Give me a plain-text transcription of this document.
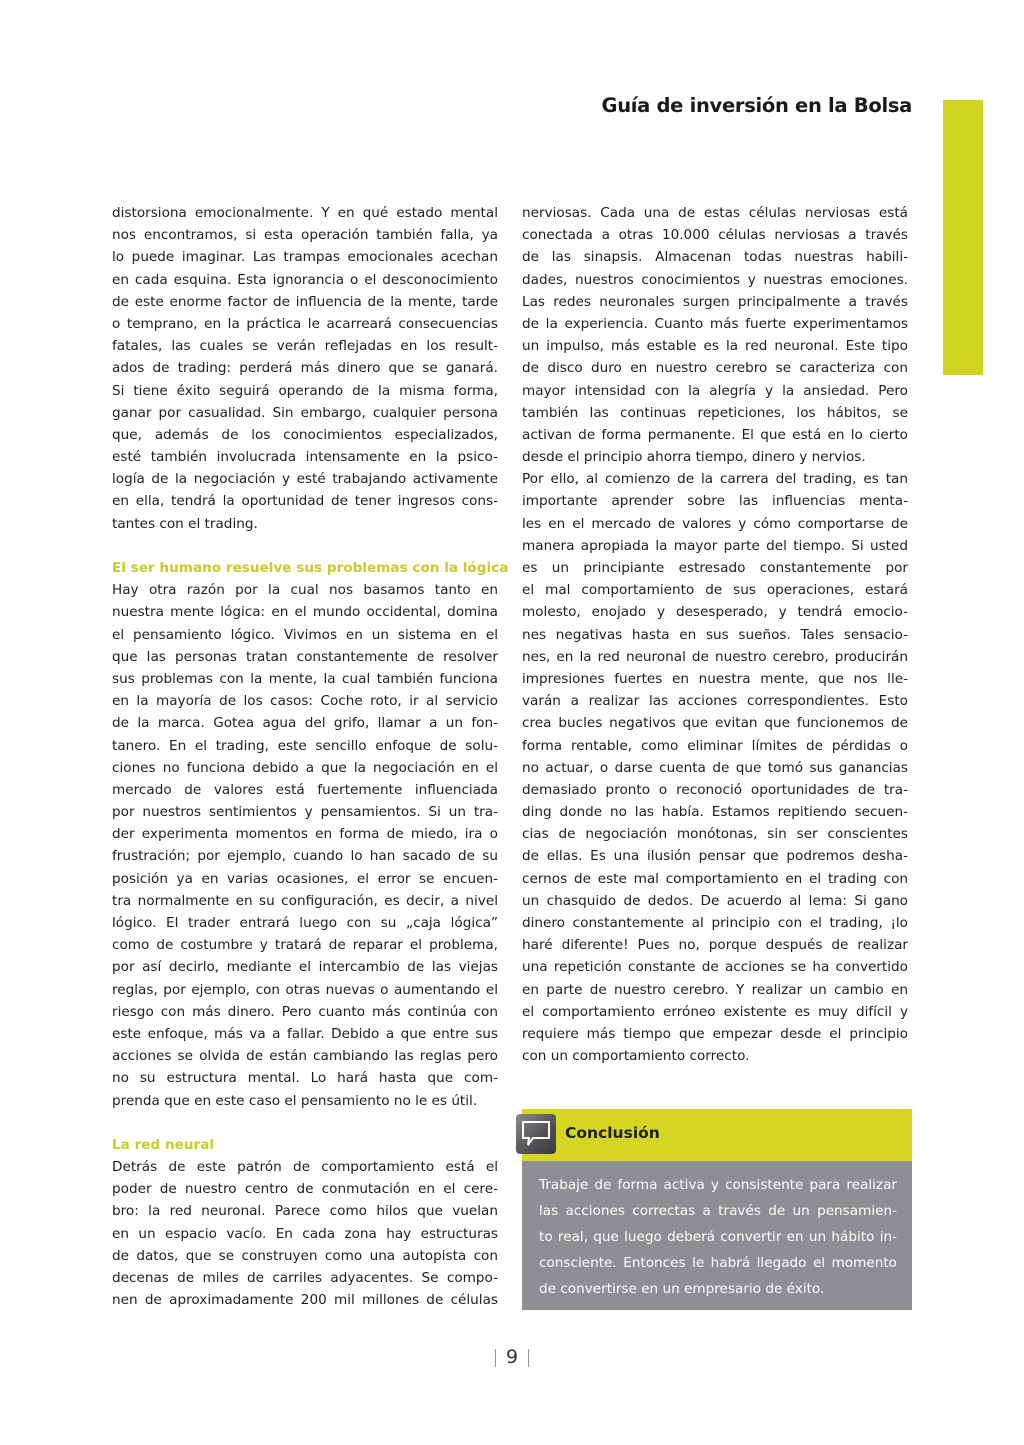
Guía de inversión en la Bolsa
distorsiona emocionalmente. Y en qué estado mental
nos encontramos, si esta operación también falla, ya
lo puede imaginar. Las trampas emocionales acechan
en cada esquina. Esta ignorancia o el desconocimiento
de este enorme factor de influencia de la mente, tarde
o temprano, en la práctica le acarreará consecuencias
fatales, las cuales se verán reflejadas en los result-
ados de trading: perderá más dinero que se ganará.
Si tiene éxito seguirá operando de la misma forma,
ganar por casualidad. Sin embargo, cualquier persona
que, además de los conocimientos especializados,
esté también involucrada intensamente en la psico-
logía de la negociación y esté trabajando activamente
en ella, tendrá la oportunidad de tener ingresos cons-
tantes con el trading.
El ser humano resuelve sus problemas con la lógica
Hay otra razón por la cual nos basamos tanto en
nuestra mente lógica: en el mundo occidental, domina
el pensamiento lógico. Vivimos en un sistema en el
que las personas tratan constantemente de resolver
sus problemas con la mente, la cual también funciona
en la mayoría de los casos: Coche roto, ir al servicio
de la marca. Gotea agua del grifo, llamar a un fon-
tanero. En el trading, este sencillo enfoque de solu-
ciones no funciona debido a que la negociación en el
mercado de valores está fuertemente influenciada
por nuestros sentimientos y pensamientos. Si un tra-
der experimenta momentos en forma de miedo, ira o
frustración; por ejemplo, cuando lo han sacado de su
posición ya en varias ocasiones, el error se encuen-
tra normalmente en su configuración, es decir, a nivel
lógico. El trader entrará luego con su „caja lógica”
como de costumbre y tratará de reparar el problema,
por así decirlo, mediante el intercambio de las viejas
reglas, por ejemplo, con otras nuevas o aumentando el
riesgo con más dinero. Pero cuanto más continúa con
este enfoque, más va a fallar. Debido a que entre sus
acciones se olvida de están cambiando las reglas pero
no su estructura mental. Lo hará hasta que com-
prenda que en este caso el pensamiento no le es útil.
La red neural
Detrás de este patrón de comportamiento está el
poder de nuestro centro de conmutación en el cere-
bro: la red neuronal. Parece como hilos que vuelan
en un espacio vacío. En cada zona hay estructuras
de datos, que se construyen como una autopista con
decenas de miles de carriles adyacentes. Se compo-
nen de aproximadamente 200 mil millones de células
nerviosas. Cada una de estas células nerviosas está
conectada a otras 10.000 células nerviosas a través
de las sinapsis. Almacenan todas nuestras habili-
dades, nuestros conocimientos y nuestras emociones.
Las redes neuronales surgen principalmente a través
de la experiencia. Cuanto más fuerte experimentamos
un impulso, más estable es la red neuronal. Este tipo
de disco duro en nuestro cerebro se caracteriza con
mayor intensidad con la alegría y la ansiedad. Pero
también las continuas repeticiones, los hábitos, se
activan de forma permanente. El que está en lo cierto
desde el principio ahorra tiempo, dinero y nervios.
Por ello, al comienzo de la carrera del trading, es tan
importante aprender sobre las influencias menta-
les en el mercado de valores y cómo comportarse de
manera apropiada la mayor parte del tiempo. Si usted
es un principiante estresado constantemente por
el mal comportamiento de sus operaciones, estará
molesto, enojado y desesperado, y tendrá emocio-
nes negativas hasta en sus sueños. Tales sensacio-
nes, en la red neuronal de nuestro cerebro, producirán
impresiones fuertes en nuestra mente, que nos lle-
varán a realizar las acciones correspondientes. Esto
crea bucles negativos que evitan que funcionemos de
forma rentable, como eliminar límites de pérdidas o
no actuar, o darse cuenta de que tomó sus ganancias
demasiado pronto o reconoció oportunidades de tra-
ding donde no las había. Estamos repitiendo secuen-
cias de negociación monótonas, sin ser conscientes
de ellas. Es una ilusión pensar que podremos desha-
cernos de este mal comportamiento en el trading con
un chasquido de dedos. De acuerdo al lema: Si gano
dinero constantemente al principio con el trading, ¡lo
haré diferente! Pues no, porque después de realizar
una repetición constante de acciones se ha convertido
en parte de nuestro cerebro. Y realizar un cambio en
el comportamiento erróneo existente es muy difícil y
requiere más tiempo que empezar desde el principio
con un comportamiento correcto.
Conclusión
Trabaje de forma activa y consistente para realizar
las acciones correctas a través de un pensamien-
to real, que luego deberá convertir en un hábito in-
consciente. Entonces le habrá llegado el momento
de convertirse en un empresario de éxito.
9
